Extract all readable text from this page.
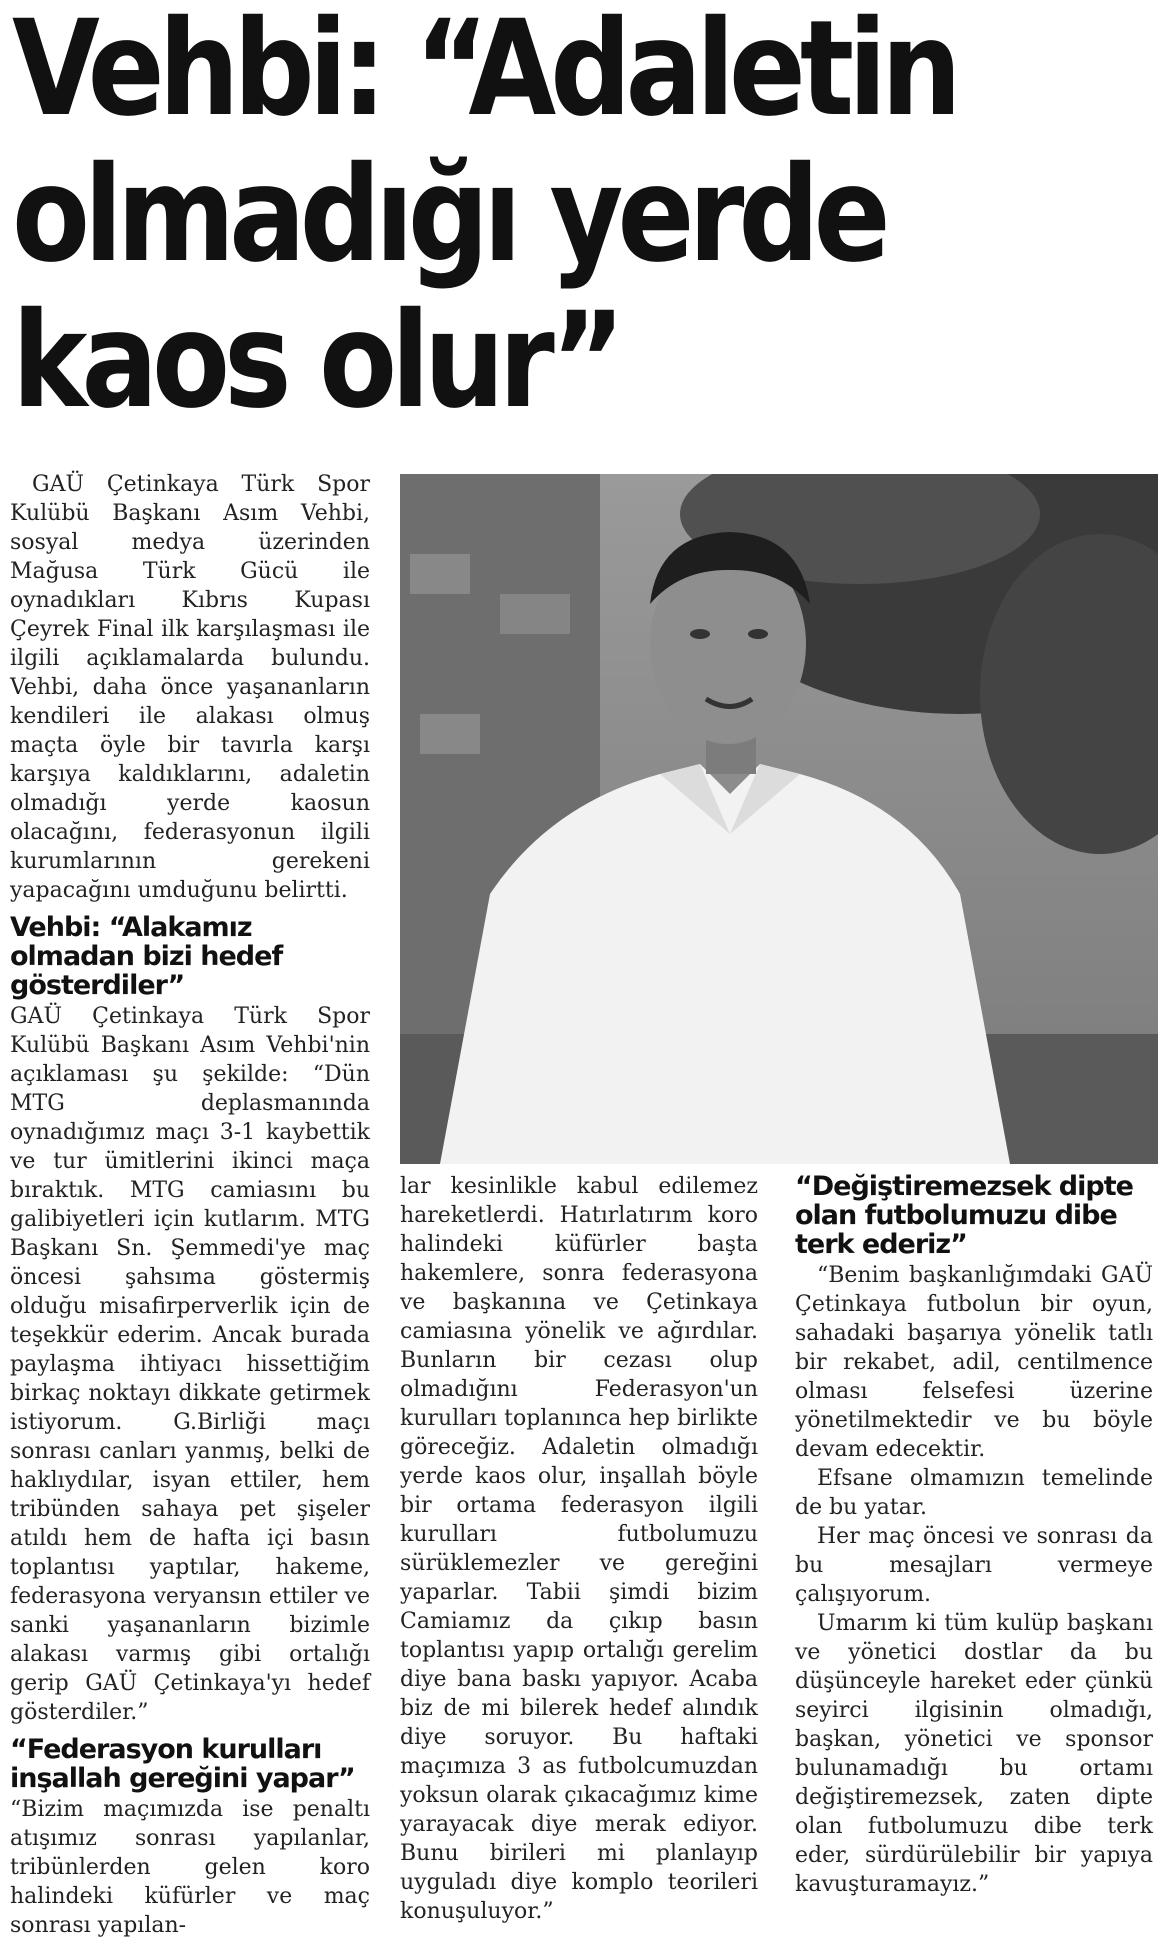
Vehbi: “Adaletin
olmadığı yerde
kaos olur”

GAÜ Çetinkaya Türk Spor Kulübü Başkanı Asım Vehbi, sosyal medya üzerinden Mağusa Türk Gücü ile oynadıkları Kıbrıs Kupası Çeyrek Final ilk karşılaşması ile ilgili açıklamalarda bulundu. Vehbi, daha önce yaşananların kendileri ile alakası olmuş maçta öyle bir tavırla karşı karşıya kaldıklarını, adaletin olmadığı yerde kaosun olacağını, federasyonun ilgili kurumlarının gerekeni yapacağını umduğunu belirtti.

Vehbi: “Alakamız olmadan bizi hedef gösterdiler”

GAÜ Çetinkaya Türk Spor Kulübü Başkanı Asım Vehbi'nin açıklaması şu şekilde: “Dün MTG deplasmanında oynadığımız maçı 3-1 kaybettik ve tur ümitlerini ikinci maça bıraktık. MTG camiasını bu galibiyetleri için kutlarım. MTG Başkanı Sn. Şemmedi'ye maç öncesi şahsıma göstermiş olduğu misafirperverlik için de teşekkür ederim. Ancak burada paylaşma ihtiyacı hissettiğim birkaç noktayı dikkate getirmek istiyorum. G.Birliği maçı sonrası canları yanmış, belki de haklıydılar, isyan ettiler, hem tribünden sahaya pet şişeler atıldı hem de hafta içi basın toplantısı yaptılar, hakeme, federasyona veryansın ettiler ve sanki yaşananların bizimle alakası varmış gibi ortalığı gerip GAÜ Çetinkaya'yı hedef gösterdiler.”

“Federasyon kurulları inşallah gereğini yapar”

“Bizim maçımızda ise penaltı atışımız sonrası yapılanlar, tribünlerden gelen koro halindeki küfürler ve maç sonrası yapılan-

lar kesinlikle kabul edilemez hareketlerdi. Hatırlatırım koro halindeki küfürler başta hakemlere, sonra federasyona ve başkanına ve Çetinkaya camiasına yönelik ve ağırdılar. Bunların bir cezası olup olmadığını Federasyon'un kurulları toplanınca hep birlikte göreceğiz. Adaletin olmadığı yerde kaos olur, inşallah böyle bir ortama federasyon ilgili kurulları futbolumuzu sürüklemezler ve gereğini yaparlar. Tabii şimdi bizim Camiamız da çıkıp basın toplantısı yapıp ortalığı gerelim diye bana baskı yapıyor. Acaba biz de mi bilerek hedef alındık diye soruyor. Bu haftaki maçımıza 3 as futbolcumuzdan yoksun olarak çıkacağımız kime yarayacak diye merak ediyor. Bunu birileri mi planlayıp uyguladı diye komplo teorileri konuşuluyor.”

“Değiştiremezsek dipte olan futbolumuzu dibe terk ederiz”

“Benim başkanlığımdaki GAÜ Çetinkaya futbolun bir oyun, sahadaki başarıya yönelik tatlı bir rekabet, adil, centilmence olması felsefesi üzerine yönetilmektedir ve bu böyle devam edecektir.

Efsane olmamızın temelinde de bu yatar.

Her maç öncesi ve sonrası da bu mesajları vermeye çalışıyorum.

Umarım ki tüm kulüp başkanı ve yönetici dostlar da bu düşünceyle hareket eder çünkü seyirci ilgisinin olmadığı, başkan, yönetici ve sponsor bulunamadığı bu ortamı değiştiremezsek, zaten dipte olan futbolumuzu dibe terk eder, sürdürülebilir bir yapıya kavuşturamayız.”
